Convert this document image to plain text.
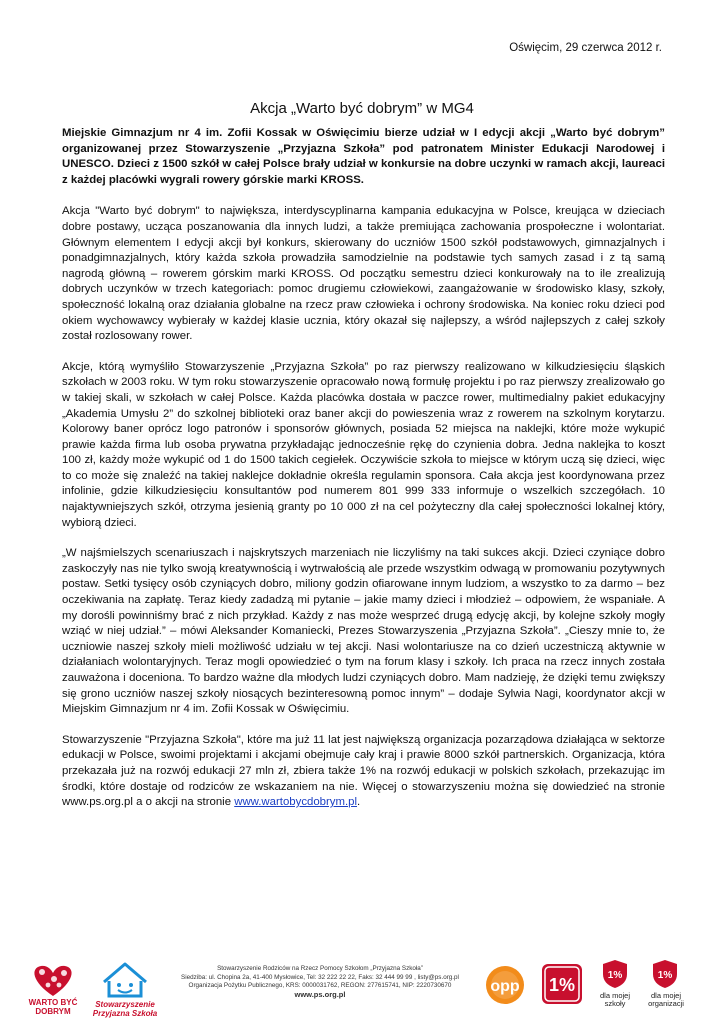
Oświęcim, 29 czerwca 2012 r.
Akcja „Warto być dobrym” w MG4

Miejskie Gimnazjum nr 4 im. Zofii Kossak w Oświęcimiu bierze udział w I edycji akcji „Warto być dobrym” organizowanej przez Stowarzyszenie „Przyjazna Szkoła” pod patronatem Minister Edukacji Narodowej i UNESCO. Dzieci z 1500 szkół w całej Polsce brały udział w konkursie na dobre uczynki w ramach akcji, laureaci z każdej placówki wygrali rowery górskie marki KROSS.

Akcja "Warto być dobrym" to największa, interdyscyplinarna kampania edukacyjna w Polsce, kreująca w dzieciach dobre postawy, ucząca poszanowania dla innych ludzi, a także premiująca zachowania prospołeczne i wolontariat. Głównym elementem I edycji akcji był konkurs, skierowany do uczniów 1500 szkół podstawowych, gimnazjalnych i ponadgimnazjalnych, który każda szkoła prowadziła samodzielnie na podstawie tych samych zasad i z tą samą nagrodą główną – rowerem górskim marki KROSS. Od początku semestru dzieci konkurowały na to ile zrealizują dobrych uczynków w trzech kategoriach: pomoc drugiemu człowiekowi, zaangażowanie w środowisko klasy, szkoły, społeczność lokalną oraz działania globalne na rzecz praw człowieka i ochrony środowiska. Na koniec roku dzieci pod okiem wychowawcy wybierały w każdej klasie ucznia, który okazał się najlepszy, a wśród najlepszych z całej szkoły został rozlosowany rower.

Akcje, którą wymyśliło Stowarzyszenie „Przyjazna Szkoła” po raz pierwszy realizowano w kilkudziesięciu śląskich szkołach w 2003 roku. W tym roku stowarzyszenie opracowało nową formułę projektu i po raz pierwszy zrealizowało go w takiej skali, w szkołach w całej Polsce. Każda placówka dostała w paczce rower, multimedialny pakiet edukacyjny „Akademia Umysłu 2” do szkolnej biblioteki oraz baner akcji do powieszenia wraz z rowerem na szkolnym korytarzu. Kolorowy baner oprócz logo patronów i sponsorów głównych, posiada 52 miejsca na naklejki, które może wykupić prawie każda firma lub osoba prywatna przykładając jednocześnie rękę do czynienia dobra. Jedna naklejka to koszt 100 zł, każdy może wykupić od 1 do 1500 takich cegiełek. Oczywiście szkoła to miejsce w którym uczą się dzieci, więc to co może się znaleźć na takiej naklejce dokładnie określa regulamin sponsora. Cała akcja jest koordynowana przez infolinie, gdzie kilkudziesięciu konsultantów pod numerem 801 999 333 informuje o wszelkich szczegółach. 10 najaktywniejszych szkół, otrzyma jesienią granty po 10 000 zł na cel pożyteczny dla całej społeczności lokalnej który, wybiorą dzieci.

„W najśmielszych scenariuszach i najskrytszych marzeniach nie liczyliśmy na taki sukces akcji. Dzieci czyniące dobro zaskoczyły nas nie tylko swoją kreatywnością i wytrwałością ale przede wszystkim odwagą w promowaniu pozytywnych postaw. Setki tysięcy osób czyniących dobro, miliony godzin ofiarowane innym ludziom, a wszystko to za darmo – bez oczekiwania na zapłatę. Teraz kiedy zadadzą mi pytanie – jakie mamy dzieci i młodzież – odpowiem, że wspaniałe. A my dorośli powinniśmy brać z nich przykład. Każdy z nas może wesprzeć drugą edycję akcji, by kolejne szkoły mogły wziąć w niej udział.” – mówi Aleksander Komaniecki, Prezes Stowarzyszenia „Przyjazna Szkoła”. „Cieszy mnie to, że uczniowie naszej szkoły mieli możliwość udziału w tej akcji. Nasi wolontariusze na co dzień uczestniczą aktywnie w działaniach wolontaryjnych. Teraz mogli opowiedzieć o tym na forum klasy i szkoły. Ich praca na rzecz innych została zauważona i doceniona. To bardzo ważne dla młodych ludzi czyniących dobro. Mam nadzieję, że dzięki temu zwiększy się grono uczniów naszej szkoły niosących bezinteresowną pomoc innym” – dodaje Sylwia Nagi, koordynator akcji w Miejskim Gimnazjum nr 4 im. Zofii Kossak w Oświęcimiu.

Stowarzyszenie "Przyjazna Szkoła", które ma już 11 lat jest największą organizacja pozarządowa działająca w sektorze edukacji w Polsce, swoimi projektami i akcjami obejmuje cały kraj i prawie 8000 szkół partnerskich. Organizacja, która przekazała już na rozwój edukacji 27 mln zł, zbiera także 1% na rozwój edukacji w polskich szkołach, przekazując im środki, które dostaje od rodziców ze wskazaniem na nie. Więcej o stowarzyszeniu można się dowiedzieć na stronie www.ps.org.pl a o akcji na stronie www.wartobycdobrym.pl.

WARTO BYĆ
DOBRYM
Stowarzyszenie
Przyjazna Szkoła
Stowarzyszenie Rodziców na Rzecz Pomocy Szkołom „Przyjazna Szkoła”
Siedziba: ul. Chopina 2a, 41-400 Mysłowice, Tel: 32 222 22 22, Faks: 32 444 99 99 , listy@ps.org.pl
Organizacja Pożytku Publicznego, KRS: 0000031762, REGON: 277615741, NIP: 2220730670
www.ps.org.pl	opp 1%	1%
dla mojej
szkoły
1%
dla mojej
organizacji
